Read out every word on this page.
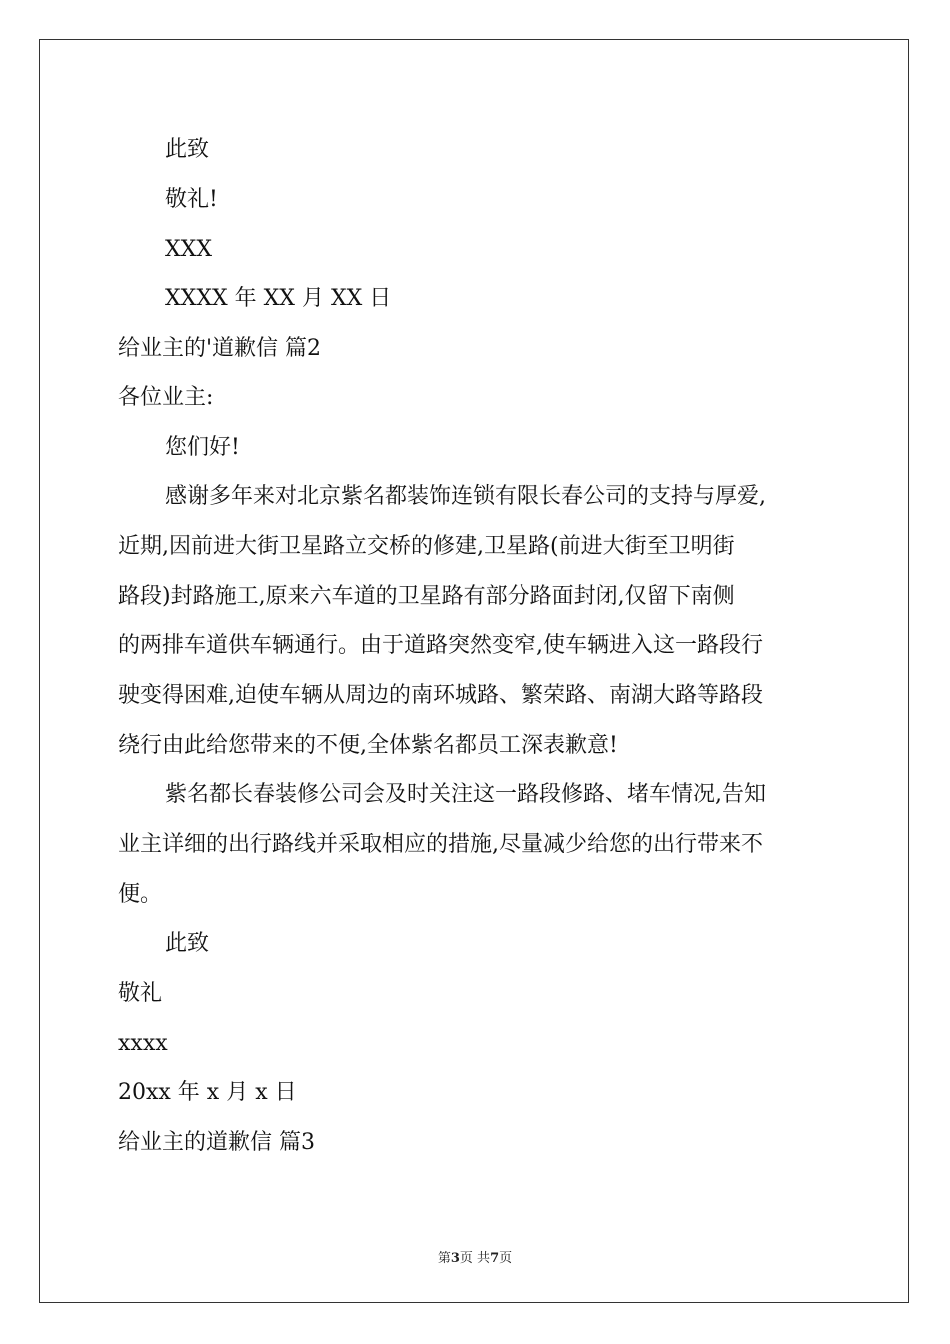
此致
敬礼!
XXX
XXXX 年 XX 月 XX 日
给业主的'道歉信 篇2
各位业主:
您们好!
感谢多年来对北京紫名都装饰连锁有限长春公司的支持与厚爱,
近期,因前进大街卫星路立交桥的修建,卫星路(前进大街至卫明街
路段)封路施工,原来六车道的卫星路有部分路面封闭,仅留下南侧
的两排车道供车辆通行。由于道路突然变窄,使车辆进入这一路段行
驶变得困难,迫使车辆从周边的南环城路、繁荣路、南湖大路等路段
绕行由此给您带来的不便,全体紫名都员工深表歉意!
紫名都长春装修公司会及时关注这一路段修路、堵车情况,告知
业主详细的出行路线并采取相应的措施,尽量减少给您的出行带来不
便。
此致
敬礼
xxxx
20xx 年 x 月 x 日
给业主的道歉信 篇3
第3页 共7页
